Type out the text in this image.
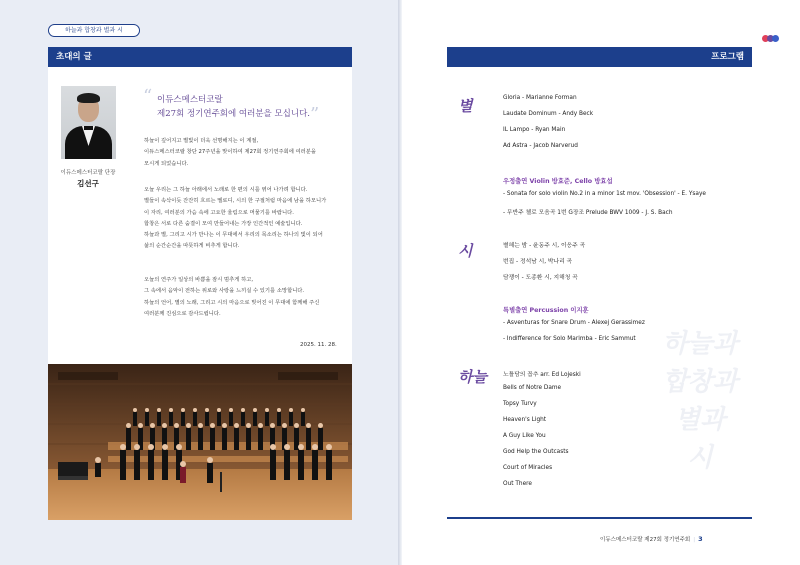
하늘과 합창과 별과 시
초대의 글
이듀스메스터코랄 단장
김선구
“ 이듀스메스터코랄
제27회 정기연주회에 여러분을 모십니다. ”
하늘이 깊어지고 별빛이 더욱 선명해지는 이 계절,
이듀스메스터코랄 창단 27주년을 맞이하여 제27회 정기연주회에 여러분을
모시게 되었습니다.
오늘 우리는 그 하늘 아래에서 노래로 한 편의 시를 엮어 나가려 합니다.
별들이 속삭이듯 잔잔히 흐르는 멜로디, 시의 한 구절처럼 마음에 남을 하모니가
이 자리, 여러분의 가슴 속에 고요한 울림으로 머물기를 바랍니다.
합창은 서로 다른 숨결이 모여 만들어내는 가장 인간적인 예술입니다.
하늘과 별, 그리고 시가 만나는 이 무대에서 우리의 목소리는 하나의 빛이 되어
삶의 순간순간을 따뜻하게 비추게 합니다.
오늘의 연주가 일상의 바쁨을 잠시 멈추게 하고,
그 속에서 음악이 전하는 위로와 사랑을 느끼실 수 있기를 소망합니다.
하늘의 언어, 별의 노래, 그리고 시의 마음으로 빚어진 이 무대에 함께해 주신
여러분께 진심으로 감사드립니다.
2025. 11. 28.
프로그램
하늘과
합창과
별과
시
별	Gloria - Marianne Forman
Laudate Dominum - Andy Beck
IL Lampo - Ryan Main
Ad Astra - Jacob Narverud
우정출연 Violin 방효준, Cello 방효섭
- Sonata for solo violin No.2 in a minor 1st mov. 'Obsession' - E. Ysaye
- 무반주 첼로 모음곡 1번 G장조 Prelude BWV 1009 - J. S. Bach
시	별헤는 밤 - 윤동주 시, 이응주 곡
번집 - 정석남 시, 박나리 곡
담쟁이 - 도종환 시, 지해청 곡
특별출연 Percussion 이지훈
- Asventuras for Snare Drum - Alexej Gerassimez
- Indifference for Solo Marimba - Eric Sammut
하늘	노틀담의 꼽추 arr. Ed Lojeski
Bells of Notre Dame
Topsy Turvy
Heaven's Light
A Guy Like You
God Help the Outcasts
Court of Miracles
Out There
이듀스메스터코랄 제27회 정기연주회 | 3
